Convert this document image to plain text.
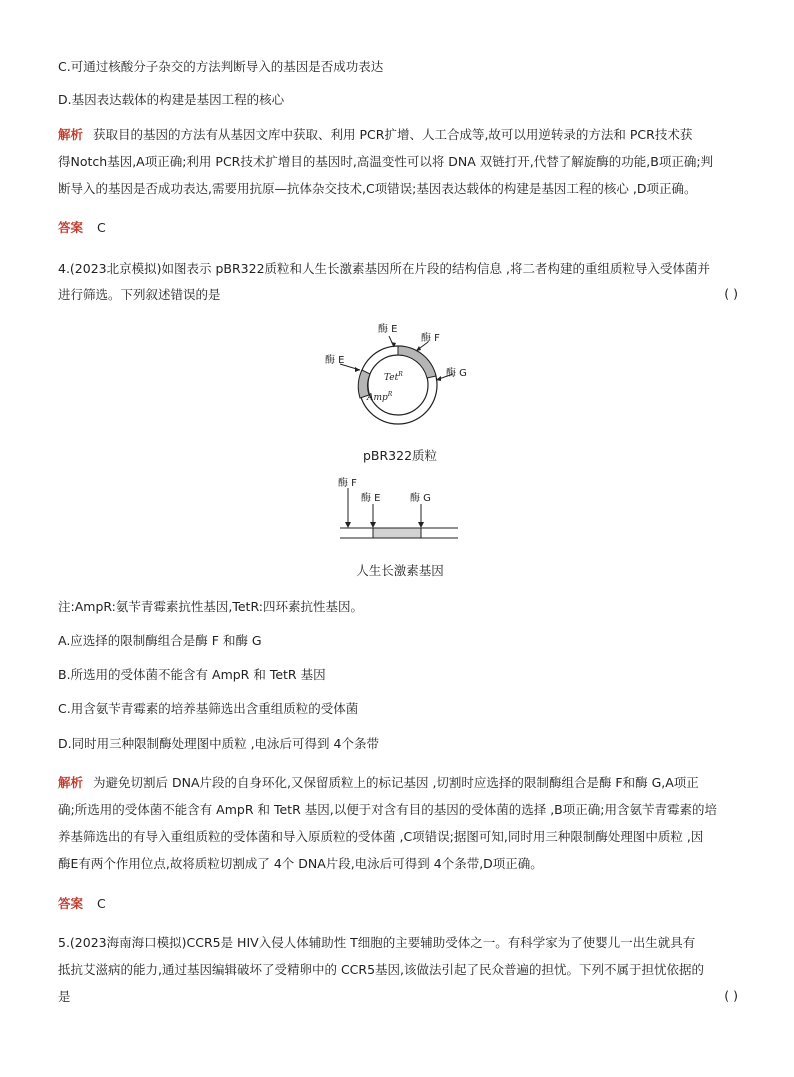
C.可通过核酸分子杂交的方法判断导入的基因是否成功表达
D.基因表达载体的构建是基因工程的核心
解析 获取目的基因的方法有从基因文库中获取、利用 PCR扩增、人工合成等,故可以用逆转录的方法和 PCR技术获
得Notch基因,A项正确;利用 PCR技术扩增目的基因时,高温变性可以将 DNA 双链打开,代替了解旋酶的功能,B项正确;判
断导入的基因是否成功表达,需要用抗原—抗体杂交技术,C项错误;基因表达载体的构建是基因工程的核心 ,D项正确。
答案 C
4.(2023北京模拟)如图表示 pBR322质粒和人生长激素基因所在片段的结构信息 ,将二者构建的重组质粒导入受体菌并
进行筛选。下列叙述错误的是	( )
酶 E
酶 F
酶 E
酶 G
Tet$^R$
Amp$^R$
pBR322质粒
酶 F
酶 E	酶 G
人生长激素基因
注:AmpR:氨苄青霉素抗性基因,TetR:四环素抗性基因。
A.应选择的限制酶组合是酶 F 和酶 G
B.所选用的受体菌不能含有 AmpR 和 TetR 基因
C.用含氨苄青霉素的培养基筛选出含重组质粒的受体菌
D.同时用三种限制酶处理图中质粒 ,电泳后可得到 4个条带
解析 为避免切割后 DNA片段的自身环化,又保留质粒上的标记基因 ,切割时应选择的限制酶组合是酶 F和酶 G,A项正
确;所选用的受体菌不能含有 AmpR 和 TetR 基因,以便于对含有目的基因的受体菌的选择 ,B项正确;用含氨苄青霉素的培
养基筛选出的有导入重组质粒的受体菌和导入原质粒的受体菌 ,C项错误;据图可知,同时用三种限制酶处理图中质粒 ,因
酶E有两个作用位点,故将质粒切割成了 4个 DNA片段,电泳后可得到 4个条带,D项正确。
答案 C
5.(2023海南海口模拟)CCR5是 HIV入侵人体辅助性 T细胞的主要辅助受体之一。有科学家为了使婴儿一出生就具有
抵抗艾滋病的能力,通过基因编辑破坏了受精卵中的 CCR5基因,该做法引起了民众普遍的担忧。下列不属于担忧依据的
是	( )
